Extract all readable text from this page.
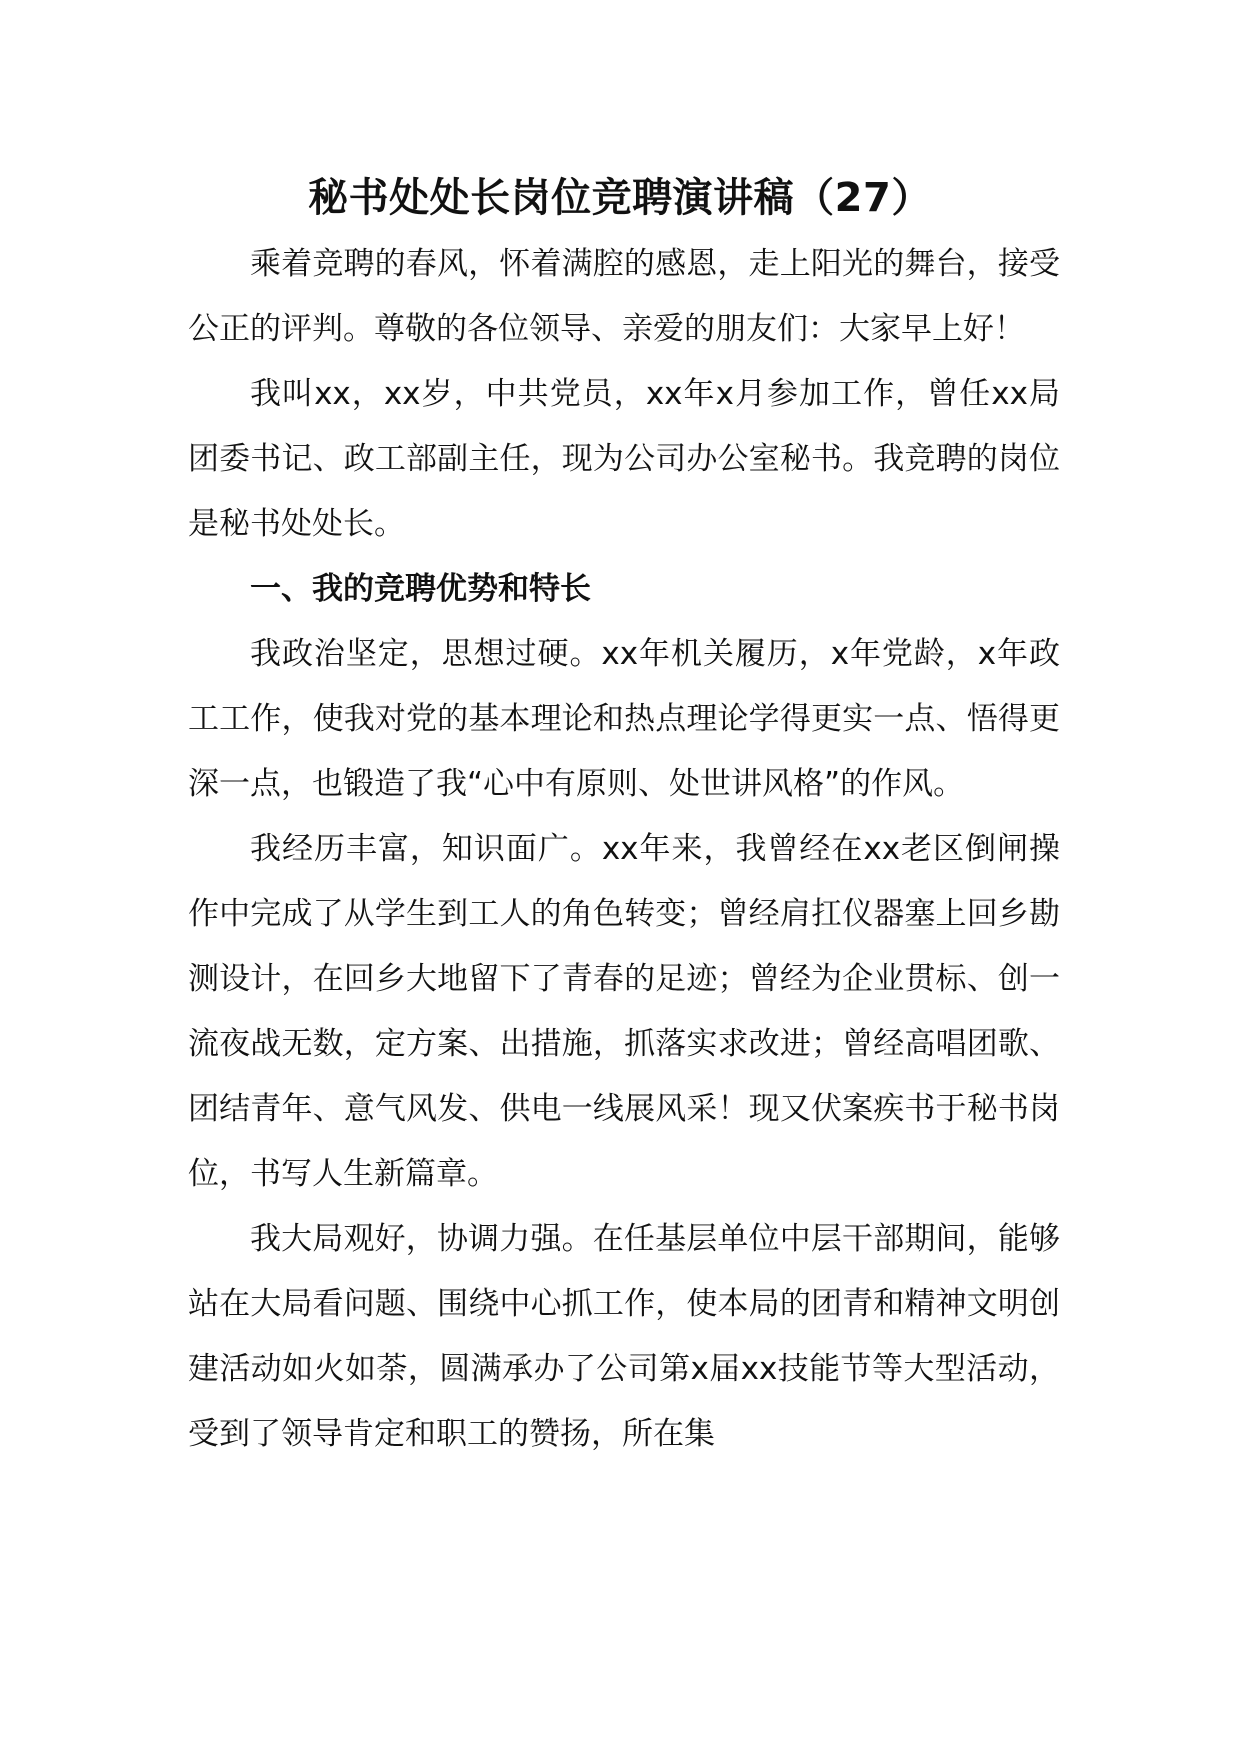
秘书处处长岗位竞聘演讲稿（27）

乘着竞聘的春风，怀着满腔的感恩，走上阳光的舞台，接受公正的评判。尊敬的各位领导、亲爱的朋友们：大家早上好！

我叫xx，xx岁，中共党员，xx年x月参加工作，曾任xx局团委书记、政工部副主任，现为公司办公室秘书。我竞聘的岗位是秘书处处长。

一、我的竞聘优势和特长

我政治坚定，思想过硬。xx年机关履历，x年党龄，x年政工工作，使我对党的基本理论和热点理论学得更实一点、悟得更深一点，也锻造了我“心中有原则、处世讲风格”的作风。

我经历丰富，知识面广。xx年来，我曾经在xx老区倒闸操作中完成了从学生到工人的角色转变；曾经肩扛仪器塞上回乡勘测设计，在回乡大地留下了青春的足迹；曾经为企业贯标、创一流夜战无数，定方案、出措施，抓落实求改进；曾经高唱团歌、团结青年、意气风发、供电一线展风采！现又伏案疾书于秘书岗位，书写人生新篇章。

我大局观好，协调力强。在任基层单位中层干部期间，能够站在大局看问题、围绕中心抓工作，使本局的团青和精神文明创建活动如火如荼，圆满承办了公司第x届xx技能节等大型活动，受到了领导肯定和职工的赞扬，所在集
